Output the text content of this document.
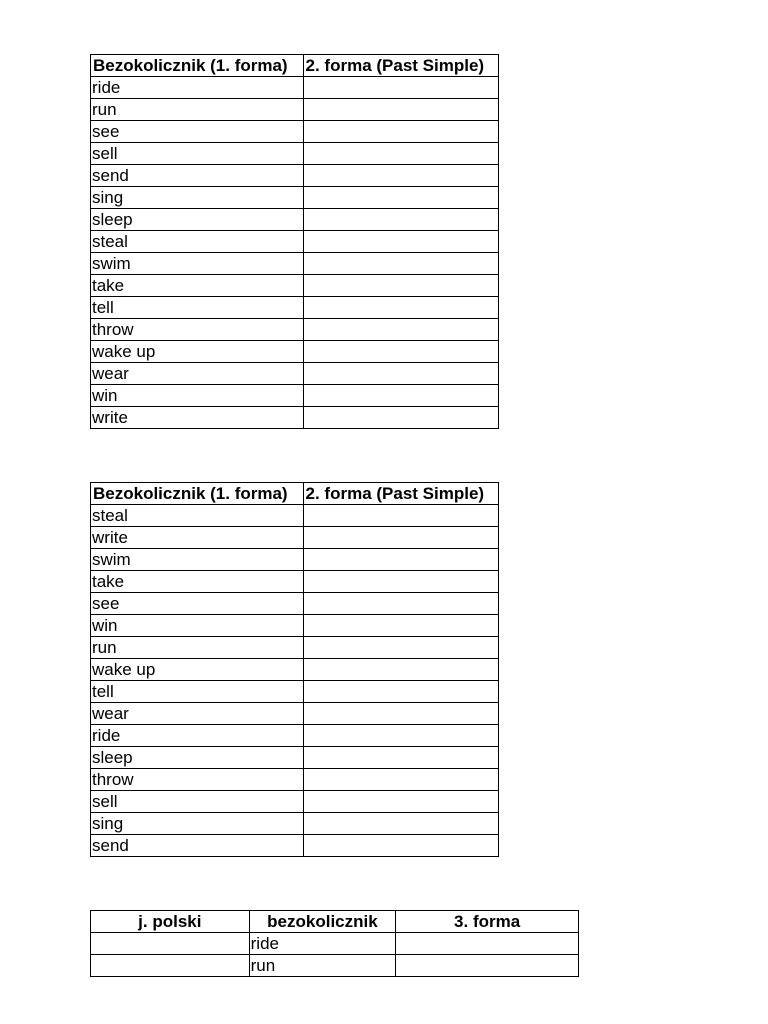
Bezokolicznik (1. forma)	2. forma (Past Simple)
ride	
run	
see	
sell	
send	
sing	
sleep	
steal	
swim	
take	
tell	
throw	
wake up	
wear	
win	
write	
Bezokolicznik (1. forma)	2. forma (Past Simple)
steal	
write	
swim	
take	
see	
win	
run	
wake up	
tell	
wear	
ride	
sleep	
throw	
sell	
sing	
send	
j. polski	bezokolicznik	3. forma
	ride	
	run	
